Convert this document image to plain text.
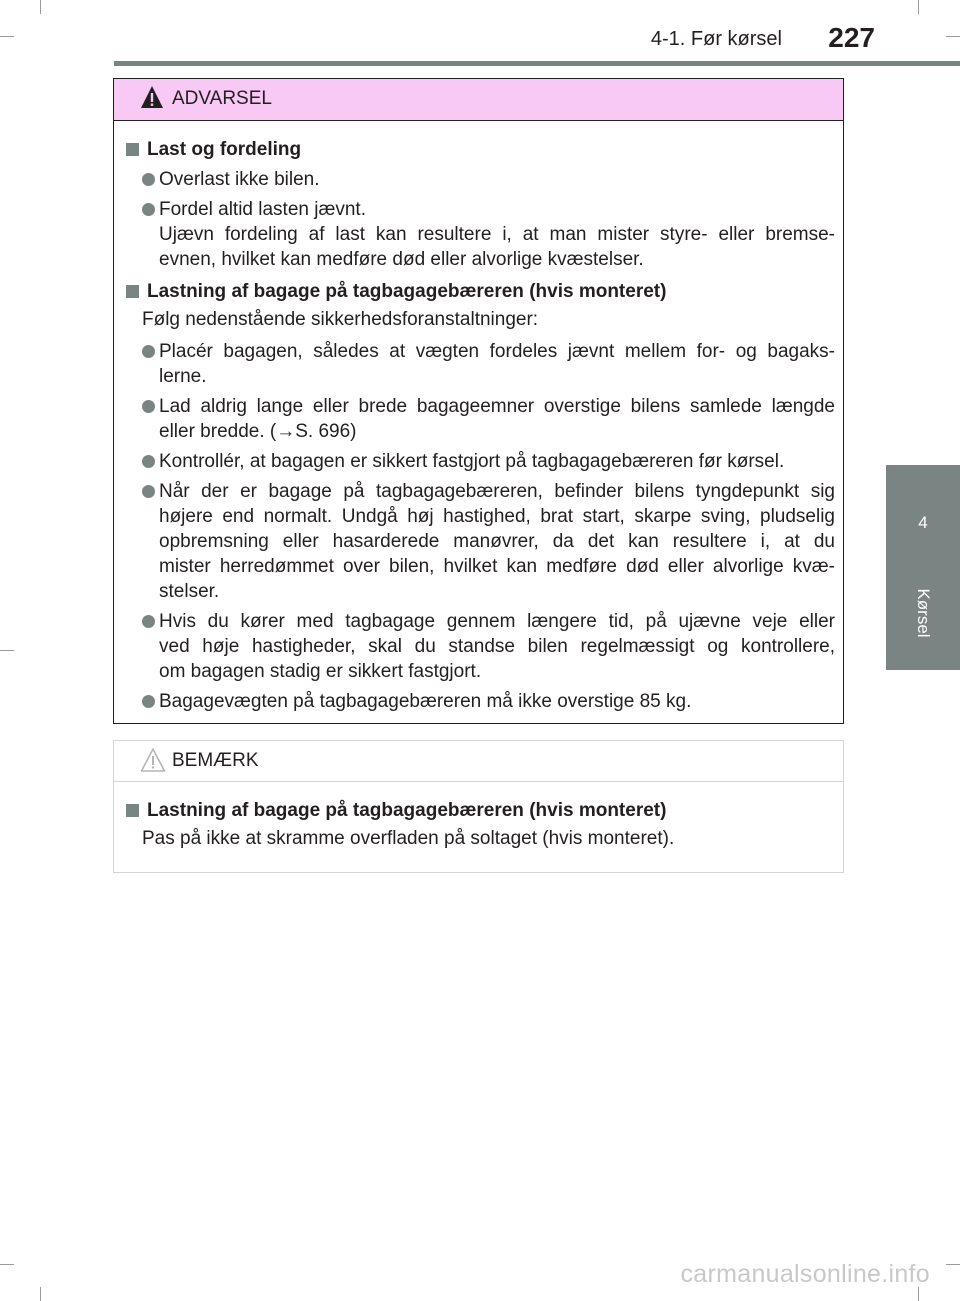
4-1. Før kørsel 227
4
Kørsel
ADVARSEL
Last og fordeling
Overlast ikke bilen.
Fordel altid lasten jævnt.
Ujævn fordeling af last kan resultere i, at man mister styre- eller bremse-
evnen, hvilket kan medføre død eller alvorlige kvæstelser.
Lastning af bagage på tagbagagebæreren (hvis monteret)
Følg nedenstående sikkerhedsforanstaltninger:
Placér bagagen, således at vægten fordeles jævnt mellem for- og bagaks-
lerne.
Lad aldrig lange eller brede bagageemner overstige bilens samlede længde
eller bredde. (→S. 696)
Kontrollér, at bagagen er sikkert fastgjort på tagbagagebæreren før kørsel.
Når der er bagage på tagbagagebæreren, befinder bilens tyngdepunkt sig
højere end normalt. Undgå høj hastighed, brat start, skarpe sving, pludselig
opbremsning eller hasarderede manøvrer, da det kan resultere i, at du
mister herredømmet over bilen, hvilket kan medføre død eller alvorlige kvæ-
stelser.
Hvis du kører med tagbagage gennem længere tid, på ujævne veje eller
ved høje hastigheder, skal du standse bilen regelmæssigt og kontrollere,
om bagagen stadig er sikkert fastgjort.
Bagagevægten på tagbagagebæreren må ikke overstige 85 kg.
BEMÆRK
Lastning af bagage på tagbagagebæreren (hvis monteret)
Pas på ikke at skramme overfladen på soltaget (hvis monteret).
carmanualsonline.info
